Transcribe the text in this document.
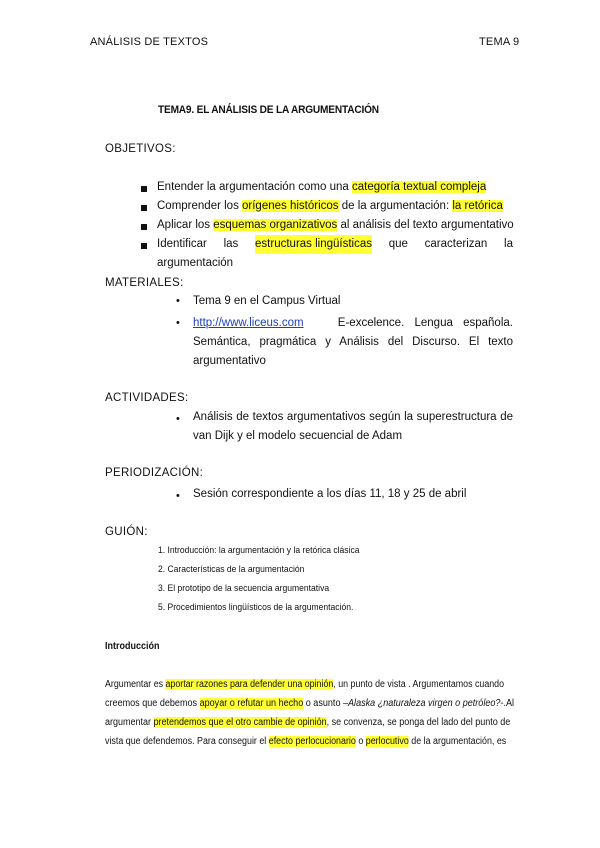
ANÁLISIS DE TEXTOS	TEMA 9
TEMA9. EL ANÁLISIS DE LA ARGUMENTACIÓN
OBJETIVOS:
Entender la argumentación como una categoría textual compleja
Comprender los orígenes históricos de la argumentación: la retórica
Aplicar los esquemas organizativos al análisis del texto argumentativo
Identificar las estructuras lingüísticas que caracterizan la
argumentación
MATERIALES:
• Tema 9 en el Campus Virtual
• http://www.liceus.com	E-excelence. Lengua española.
Semántica, pragmática y Análisis del Discurso. El texto
argumentativo
ACTIVIDADES:
• Análisis de textos argumentativos según la superestructura de
van Dijk y el modelo secuencial de Adam
PERIODIZACIÓN:
• Sesión correspondiente a los días 11, 18 y 25 de abril
GUIÓN:
1. Introducción: la argumentación y la retórica clásica
2. Características de la argumentación
3. El prototipo de la secuencia argumentativa
5. Procedimientos lingüísticos de la argumentación.
Introducción
Argumentar es aportar razones para defender una opinión, un punto de vista . Argumentamos cuando
creemos que debemos apoyar o refutar un hecho o asunto –Alaska ¿naturaleza virgen o petróleo?-.Al
argumentar pretendemos que el otro cambie de opinión, se convenza, se ponga del lado del punto de
vista que defendemos. Para conseguir el efecto perlocucionario o perlocutivo de la argumentación, es
